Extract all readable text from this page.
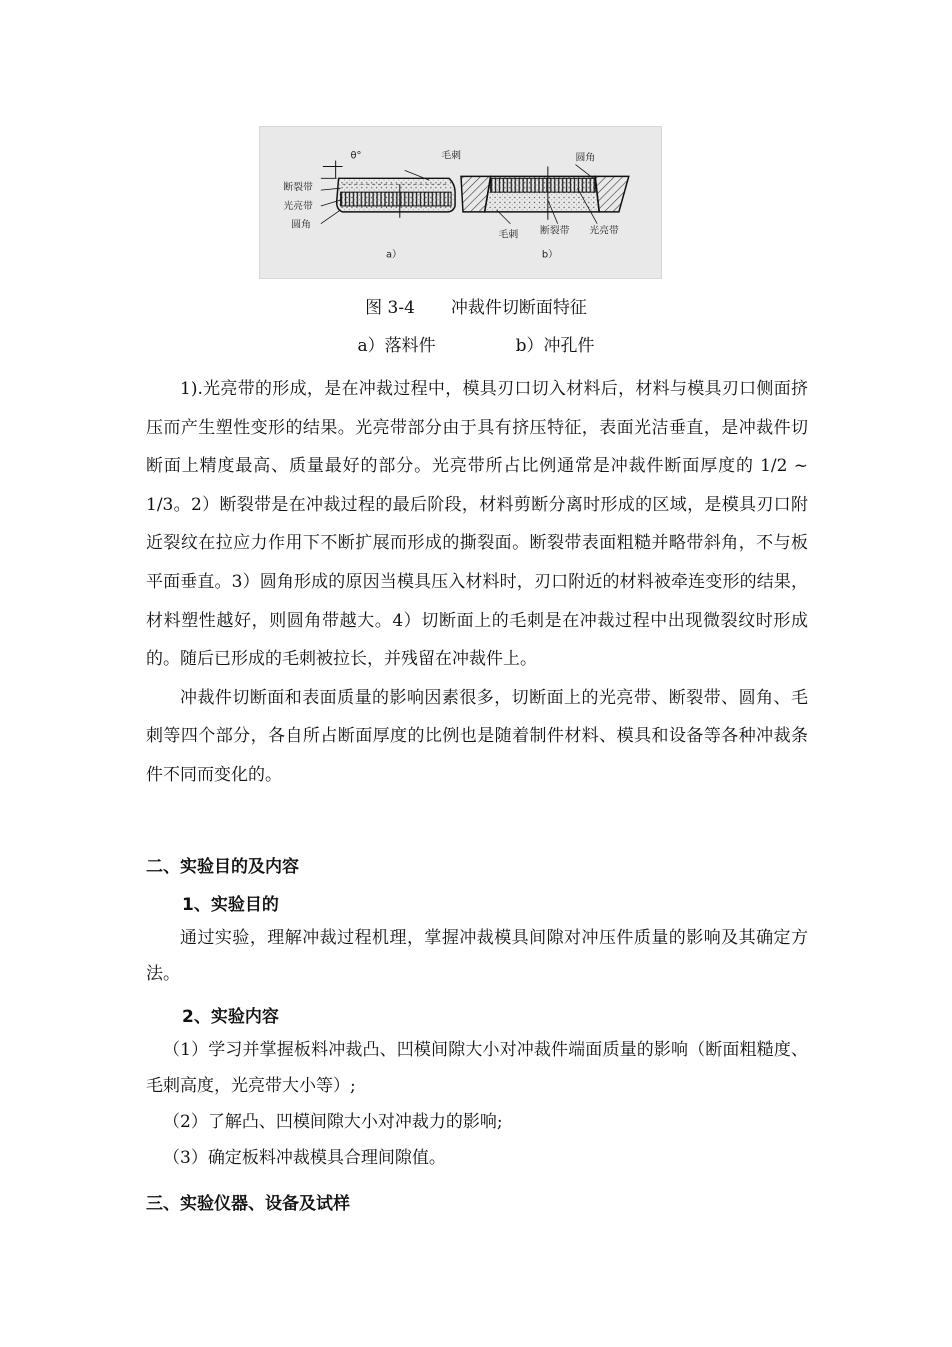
θ°	毛刺
断裂带
光亮带
圆角
a）
圆角
毛刺 断裂带 光亮带
b）
图 3-4 冲裁件切断面特征
a）落料件	b）冲孔件

1).光亮带的形成，是在冲裁过程中，模具刃口切入材料后，材料与模具刃口侧面挤压而产生塑性变形的结果。光亮带部分由于具有挤压特征，表面光洁垂直，是冲裁件切断面上精度最高、质量最好的部分。光亮带所占比例通常是冲裁件断面厚度的 1/2 ~ 1/3。2）断裂带是在冲裁过程的最后阶段，材料剪断分离时形成的区域，是模具刃口附近裂纹在拉应力作用下不断扩展而形成的撕裂面。断裂带表面粗糙并略带斜角，不与板平面垂直。3）圆角形成的原因当模具压入材料时，刃口附近的材料被牵连变形的结果，材料塑性越好，则圆角带越大。4）切断面上的毛刺是在冲裁过程中出现微裂纹时形成的。随后已形成的毛刺被拉长，并残留在冲裁件上。

冲裁件切断面和表面质量的影响因素很多，切断面上的光亮带、断裂带、圆角、毛刺等四个部分，各自所占断面厚度的比例也是随着制件材料、模具和设备等各种冲裁条件不同而变化的。

二、实验目的及内容
1、实验目的

通过实验，理解冲裁过程机理，掌握冲裁模具间隙对冲压件质量的影响及其确定方法。

2、实验内容

（1）学习并掌握板料冲裁凸、凹模间隙大小对冲裁件端面质量的影响（断面粗糙度、毛刺高度，光亮带大小等）;

（2）了解凸、凹模间隙大小对冲裁力的影响;

（3）确定板料冲裁模具合理间隙值。

三、实验仪器、设备及试样
